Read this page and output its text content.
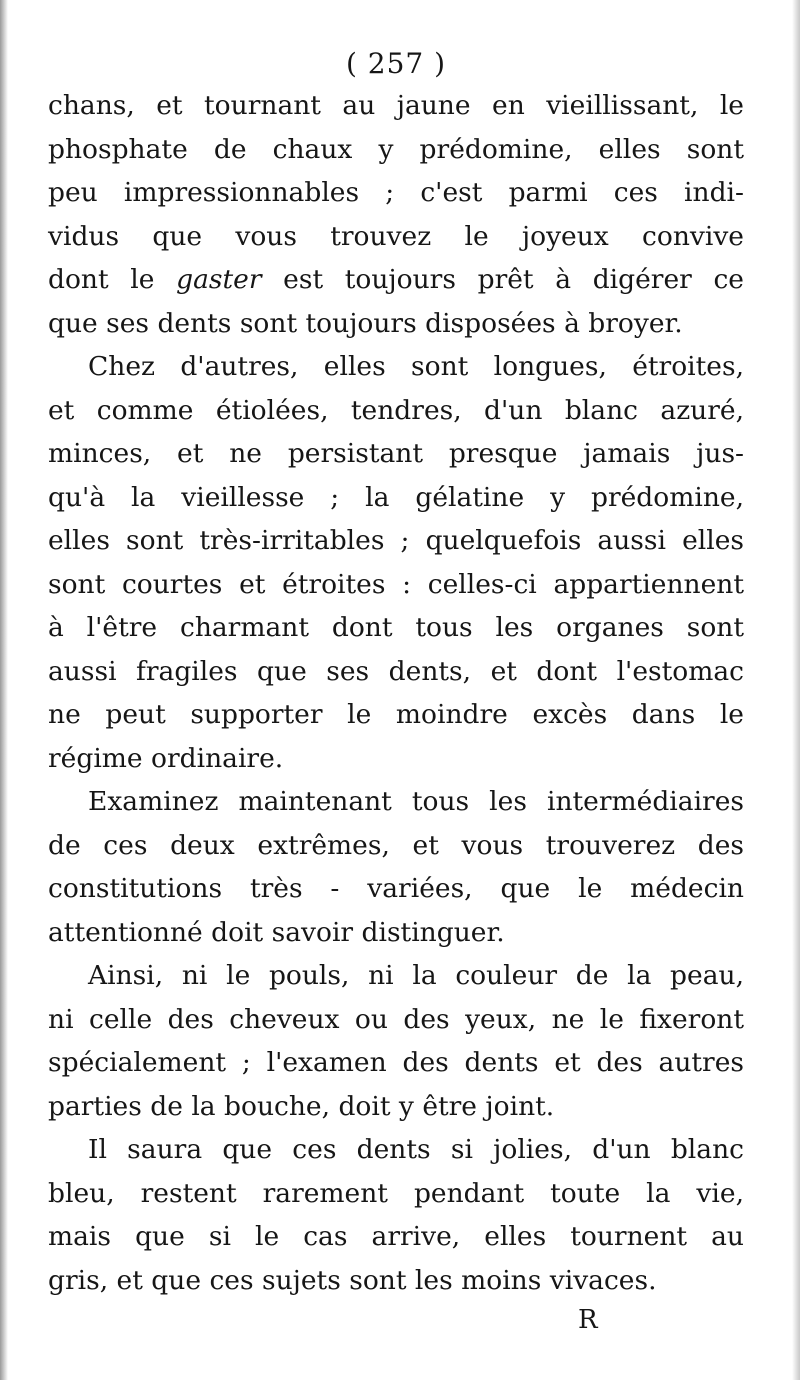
( 257 )
chans, et tournant au jaune en vieillissant, le
phosphate de chaux y prédomine, elles sont
peu impressionnables ; c'est parmi ces indi-
vidus que vous trouvez le joyeux convive
dont le gaster est toujours prêt à digérer ce
que ses dents sont toujours disposées à broyer.
Chez d'autres, elles sont longues, étroites,
et comme étiolées, tendres, d'un blanc azuré,
minces, et ne persistant presque jamais jus-
qu'à la vieillesse ; la gélatine y prédomine,
elles sont très-irritables ; quelquefois aussi elles
sont courtes et étroites : celles-ci appartiennent
à l'être charmant dont tous les organes sont
aussi fragiles que ses dents, et dont l'estomac
ne peut supporter le moindre excès dans le
régime ordinaire.
Examinez maintenant tous les intermédiaires
de ces deux extrêmes, et vous trouverez des
constitutions très - variées, que le médecin
attentionné doit savoir distinguer.
Ainsi, ni le pouls, ni la couleur de la peau,
ni celle des cheveux ou des yeux, ne le fixeront
spécialement ; l'examen des dents et des autres
parties de la bouche, doit y être joint.
Il saura que ces dents si jolies, d'un blanc
bleu, restent rarement pendant toute la vie,
mais que si le cas arrive, elles tournent au
gris, et que ces sujets sont les moins vivaces.
R
